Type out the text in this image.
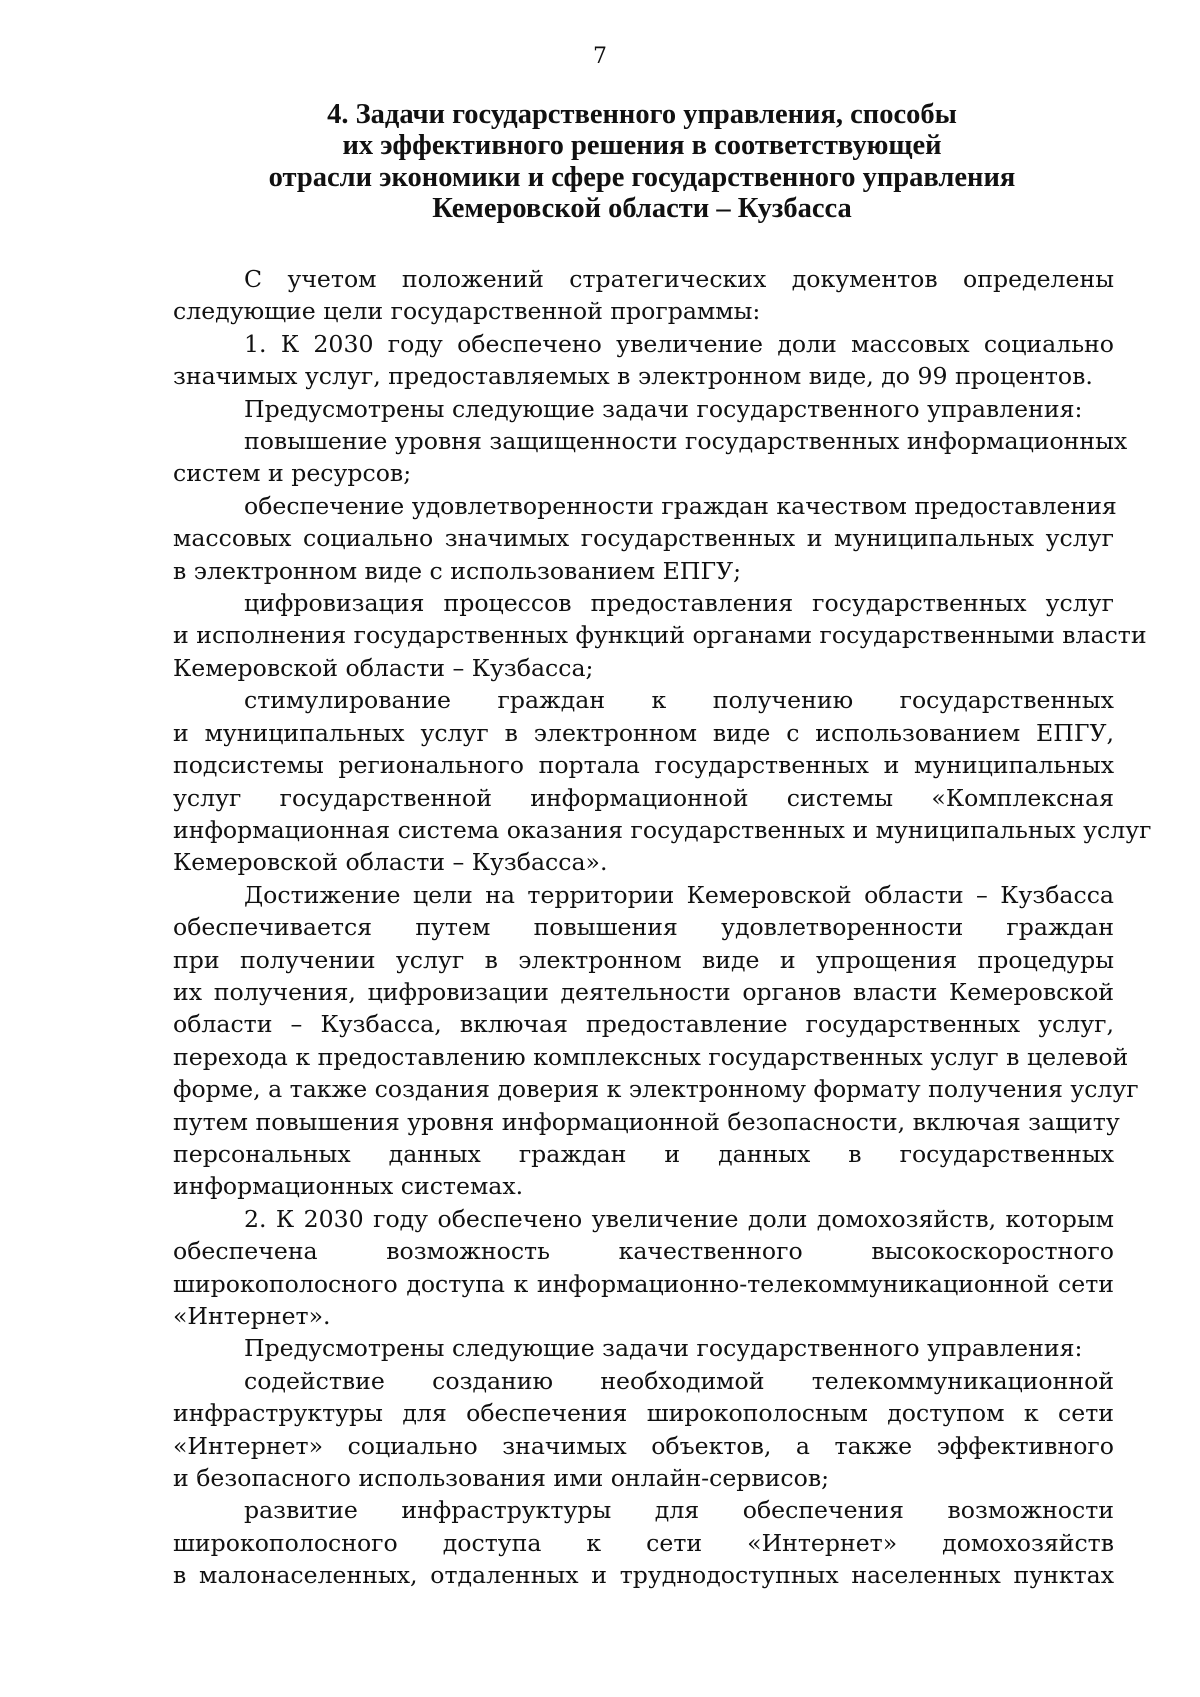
7
4. Задачи государственного управления, способы
их эффективного решения в соответствующей
отрасли экономики и сфере государственного управления
Кемеровской области – Кузбасса

С учетом положений стратегических документов определены
следующие цели государственной программы:

1. К 2030 году обеспечено увеличение доли массовых социально
значимых услуг, предоставляемых в электронном виде, до 99 процентов.

Предусмотрены следующие задачи государственного управления:

повышение уровня защищенности государственных информационных
систем и ресурсов;

обеспечение удовлетворенности граждан качеством предоставления
массовых социально значимых государственных и муниципальных услуг
в электронном виде с использованием ЕПГУ;

цифровизация процессов предоставления государственных услуг
и исполнения государственных функций органами государственными власти
Кемеровской области – Кузбасса;

стимулирование граждан к получению государственных
и муниципальных услуг в электронном виде с использованием ЕПГУ,
подсистемы регионального портала государственных и муниципальных
услуг государственной информационной системы «Комплексная
информационная система оказания государственных и муниципальных услуг
Кемеровской области – Кузбасса».

Достижение цели на территории Кемеровской области – Кузбасса
обеспечивается путем повышения удовлетворенности граждан
при получении услуг в электронном виде и упрощения процедуры
их получения, цифровизации деятельности органов власти Кемеровской
области – Кузбасса, включая предоставление государственных услуг,
перехода к предоставлению комплексных государственных услуг в целевой
форме, а также создания доверия к электронному формату получения услуг
путем повышения уровня информационной безопасности, включая защиту
персональных данных граждан и данных в государственных
информационных системах.

2. К 2030 году обеспечено увеличение доли домохозяйств, которым
обеспечена возможность качественного высокоскоростного
широкополосного доступа к информационно-телекоммуникационной сети
«Интернет».

Предусмотрены следующие задачи государственного управления:

содействие созданию необходимой телекоммуникационной
инфраструктуры для обеспечения широкополосным доступом к сети
«Интернет» социально значимых объектов, а также эффективного
и безопасного использования ими онлайн-сервисов;

развитие инфраструктуры для обеспечения возможности
широкополосного доступа к сети «Интернет» домохозяйств
в малонаселенных, отдаленных и труднодоступных населенных пунктах
